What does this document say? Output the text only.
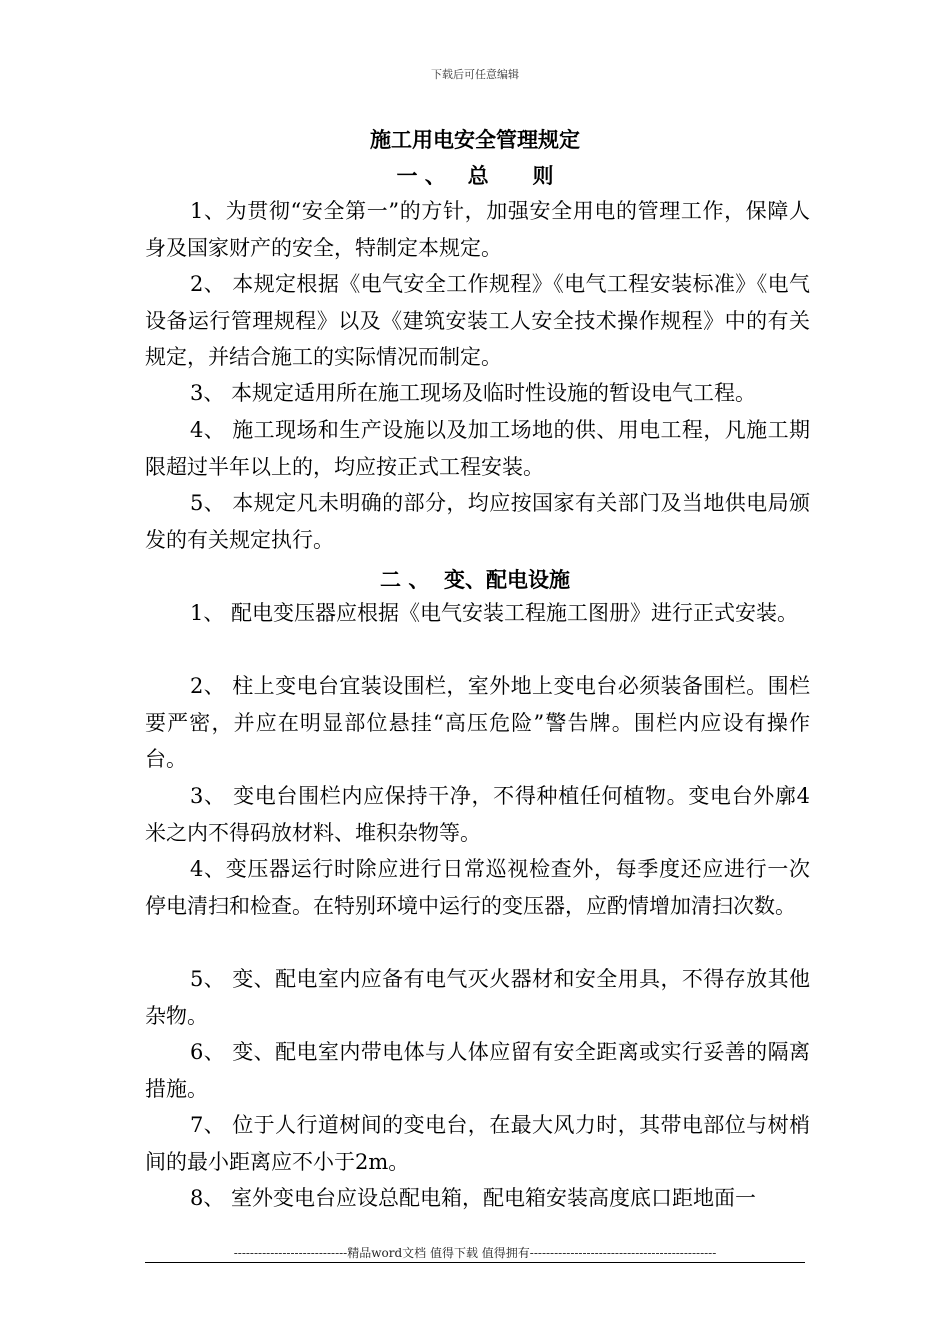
下载后可任意编辑
施工用电安全管理规定
一 、   总      则
1、为贯彻“安全第一”的方针，加强安全用电的管理工作，保障人身及国家财产的安全，特制定本规定。
2、 本规定根据《电气安全工作规程》《电气工程安装标准》《电气设备运行管理规程》以及《建筑安装工人安全技术操作规程》中的有关规定，并结合施工的实际情况而制定。
3、 本规定适用所在施工现场及临时性设施的暂设电气工程。
4、 施工现场和生产设施以及加工场地的供、用电工程，凡施工期限超过半年以上的，均应按正式工程安装。
5、 本规定凡未明确的部分，均应按国家有关部门及当地供电局颁发的有关规定执行。
二 、  变、配电设施
1、 配电变压器应根据《电气安装工程施工图册》进行正式安装。
2、 柱上变电台宜装设围栏，室外地上变电台必须装备围栏。围栏要严密，并应在明显部位悬挂“高压危险”警告牌。围栏内应设有操作台。
3、 变电台围栏内应保持干净，不得种植任何植物。变电台外廓4米之内不得码放材料、堆积杂物等。
4、变压器运行时除应进行日常巡视检查外，每季度还应进行一次停电清扫和检查。在特别环境中运行的变压器，应酌情增加清扫次数。
5、 变、配电室内应备有电气灭火器材和安全用具，不得存放其他杂物。
6、 变、配电室内带电体与人体应留有安全距离或实行妥善的隔离措施。
7、 位于人行道树间的变电台，在最大风力时，其带电部位与树梢间的最小距离应不小于2m。
8、 室外变电台应设总配电箱，配电箱安装高度底口距地面一
----------------------------精品word文档 值得下载 值得拥有----------------------------------------------
